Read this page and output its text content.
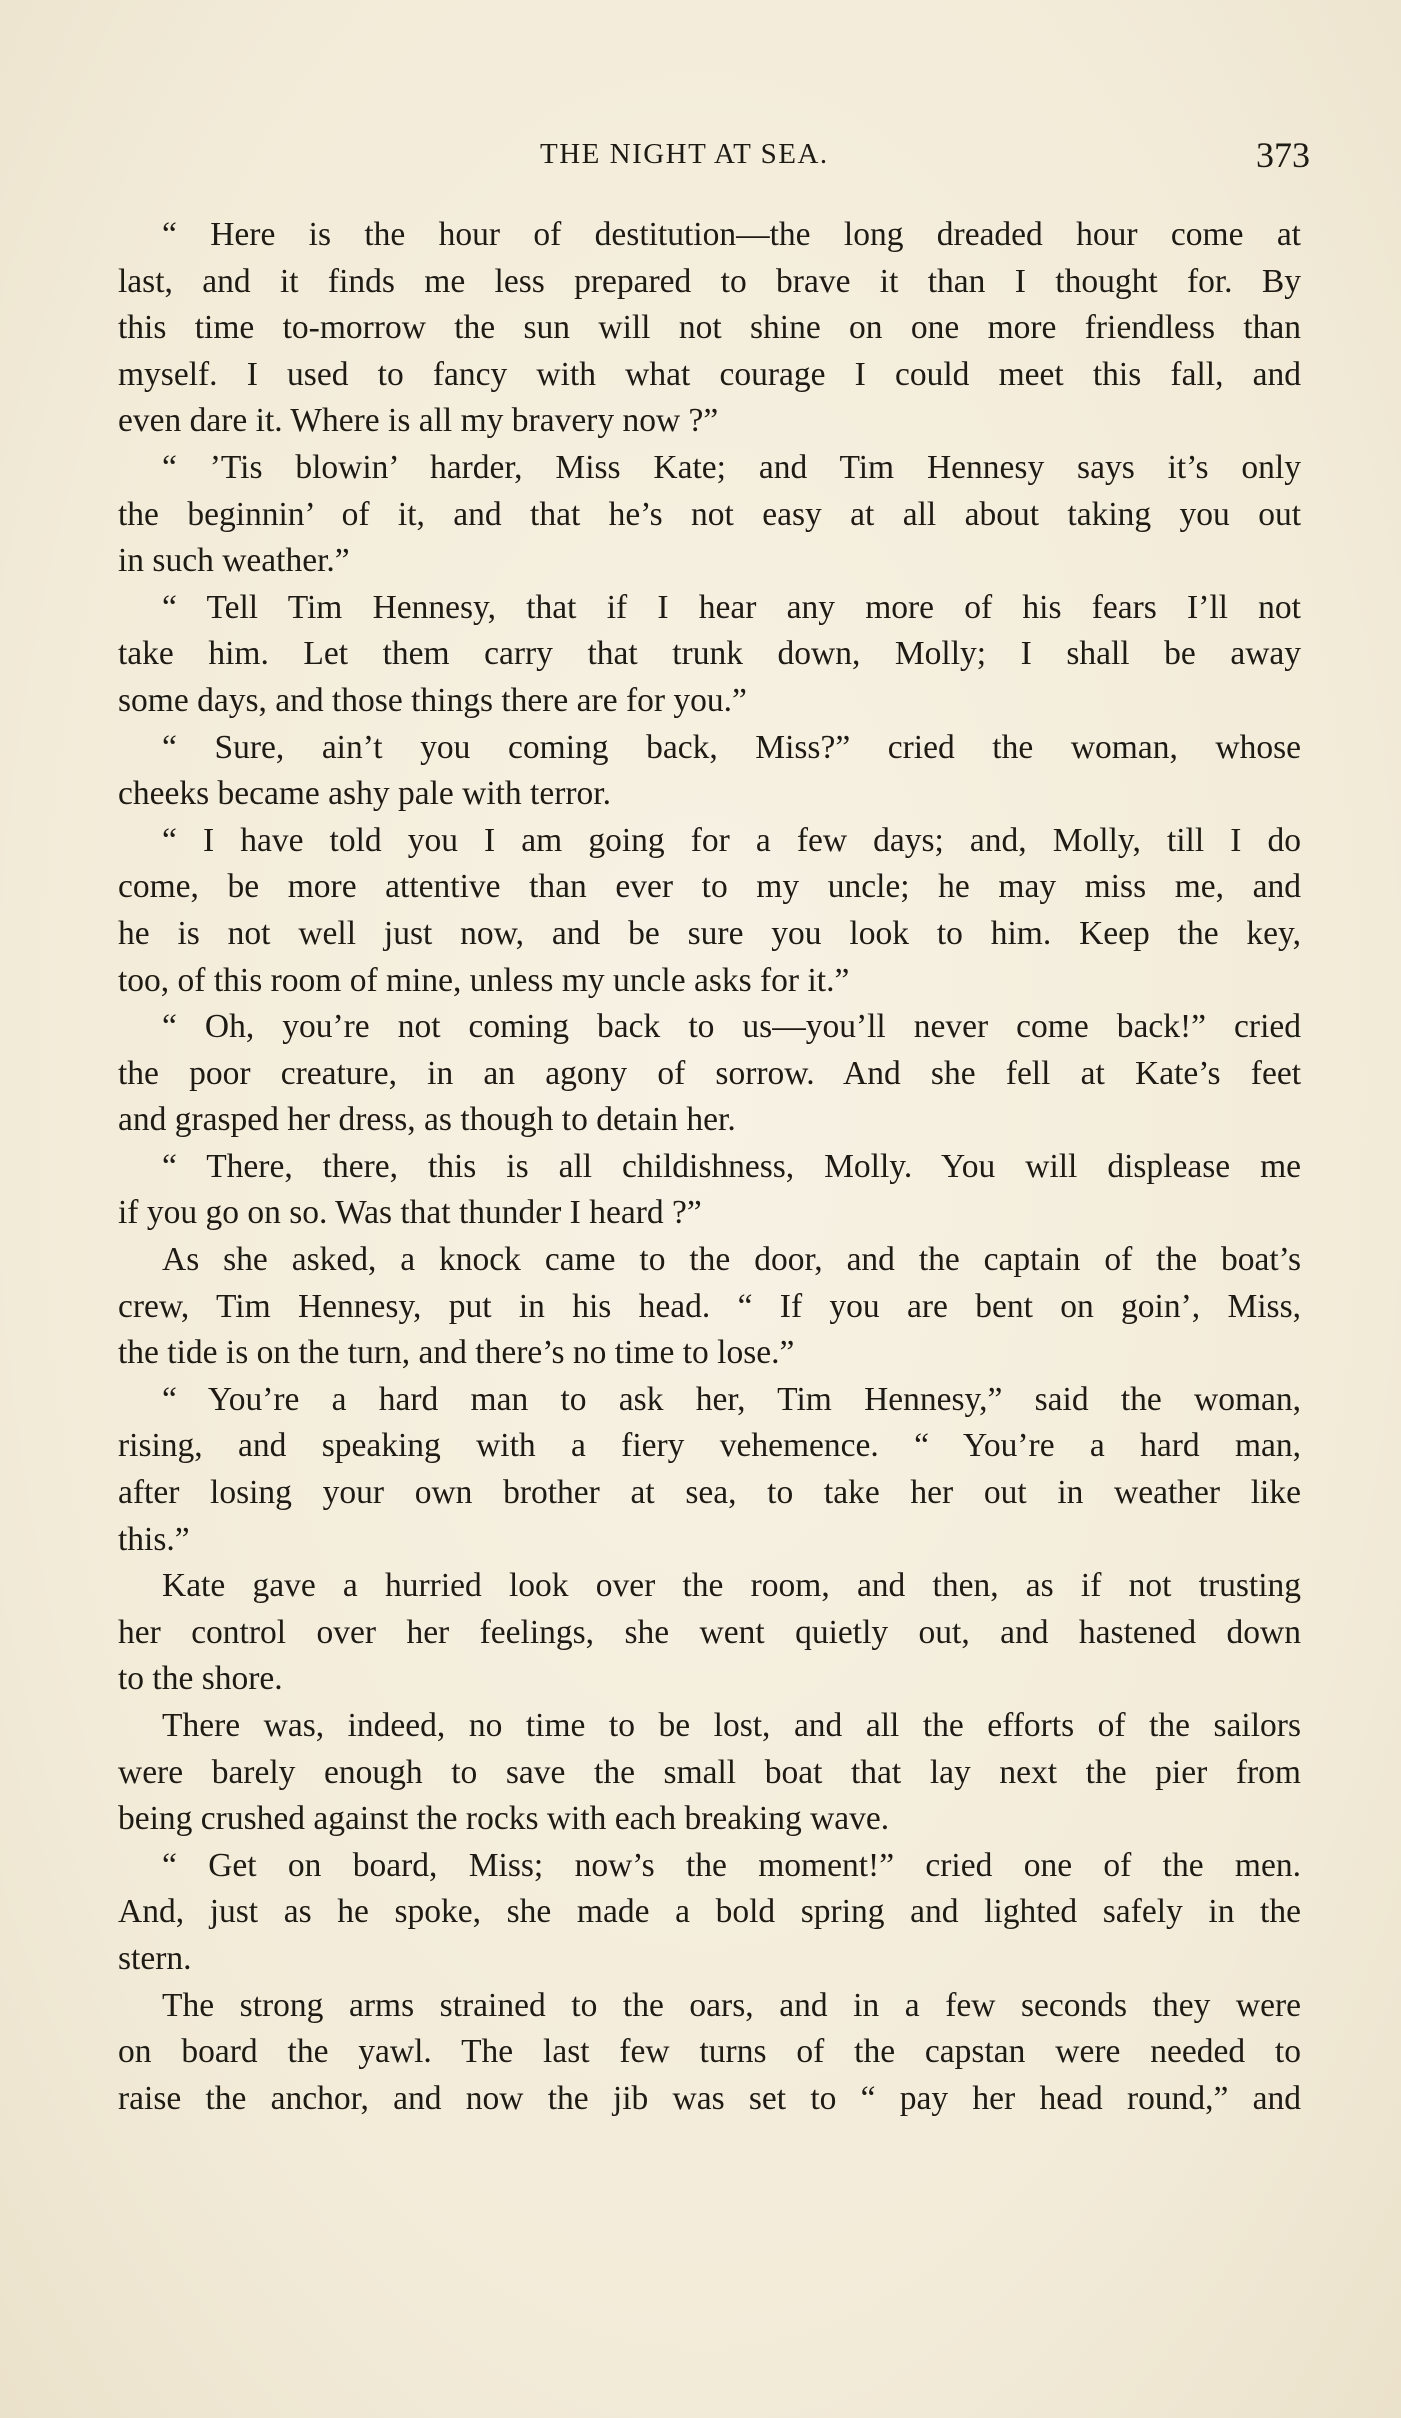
THE NIGHT AT SEA.	373
“ Here is the hour of destitution—the long dreaded hour come at
last, and it finds me less prepared to brave it than I thought for. By
this time to-morrow the sun will not shine on one more friendless than
myself. I used to fancy with what courage I could meet this fall, and
even dare it. Where is all my bravery now ?”
“ ’Tis blowin’ harder, Miss Kate; and Tim Hennesy says it’s only
the beginnin’ of it, and that he’s not easy at all about taking you out
in such weather.”
“ Tell Tim Hennesy, that if I hear any more of his fears I’ll not
take him. Let them carry that trunk down, Molly; I shall be away
some days, and those things there are for you.”
“ Sure, ain’t you coming back, Miss?” cried the woman, whose
cheeks became ashy pale with terror.
“ I have told you I am going for a few days; and, Molly, till I do
come, be more attentive than ever to my uncle; he may miss me, and
he is not well just now, and be sure you look to him. Keep the key,
too, of this room of mine, unless my uncle asks for it.”
“ Oh, you’re not coming back to us—you’ll never come back!” cried
the poor creature, in an agony of sorrow. And she fell at Kate’s feet
and grasped her dress, as though to detain her.
“ There, there, this is all childishness, Molly. You will displease me
if you go on so. Was that thunder I heard ?”
As she asked, a knock came to the door, and the captain of the boat’s
crew, Tim Hennesy, put in his head. “ If you are bent on goin’, Miss,
the tide is on the turn, and there’s no time to lose.”
“ You’re a hard man to ask her, Tim Hennesy,” said the woman,
rising, and speaking with a fiery vehemence. “ You’re a hard man,
after losing your own brother at sea, to take her out in weather like
this.”
Kate gave a hurried look over the room, and then, as if not trusting
her control over her feelings, she went quietly out, and hastened down
to the shore.
There was, indeed, no time to be lost, and all the efforts of the sailors
were barely enough to save the small boat that lay next the pier from
being crushed against the rocks with each breaking wave.
“ Get on board, Miss; now’s the moment!” cried one of the men.
And, just as he spoke, she made a bold spring and lighted safely in the
stern.
The strong arms strained to the oars, and in a few seconds they were
on board the yawl. The last few turns of the capstan were needed to
raise the anchor, and now the jib was set to “ pay her head round,” and
